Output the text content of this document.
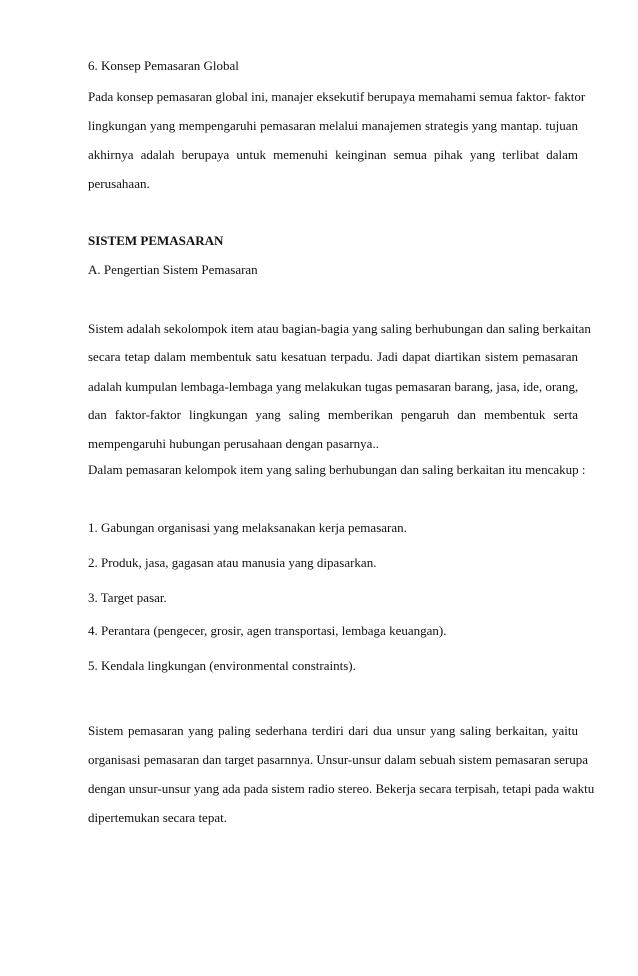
6. Konsep Pemasaran Global
Pada konsep pemasaran global ini, manajer eksekutif berupaya memahami semua faktor- faktor
lingkungan yang mempengaruhi pemasaran melalui manajemen strategis yang mantap. tujuan
akhirnya adalah berupaya untuk memenuhi keinginan semua pihak yang terlibat dalam
perusahaan.
SISTEM PEMASARAN
A. Pengertian Sistem Pemasaran
Sistem adalah sekolompok item atau bagian-bagia yang saling berhubungan dan saling berkaitan
secara tetap dalam membentuk satu kesatuan terpadu. Jadi dapat diartikan sistem pemasaran
adalah kumpulan lembaga-lembaga yang melakukan tugas pemasaran barang, jasa, ide, orang,
dan faktor-faktor lingkungan yang saling memberikan pengaruh dan membentuk serta
mempengaruhi hubungan perusahaan dengan pasarnya..
Dalam pemasaran kelompok item yang saling berhubungan dan saling berkaitan itu mencakup :
1. Gabungan organisasi yang melaksanakan kerja pemasaran.
2. Produk, jasa, gagasan atau manusia yang dipasarkan.
3. Target pasar.
4. Perantara (pengecer, grosir, agen transportasi, lembaga keuangan).
5. Kendala lingkungan (environmental constraints).
Sistem pemasaran yang paling sederhana terdiri dari dua unsur yang saling berkaitan, yaitu
organisasi pemasaran dan target pasarnnya. Unsur-unsur dalam sebuah sistem pemasaran serupa
dengan unsur-unsur yang ada pada sistem radio stereo. Bekerja secara terpisah, tetapi pada waktu
dipertemukan secara tepat.
